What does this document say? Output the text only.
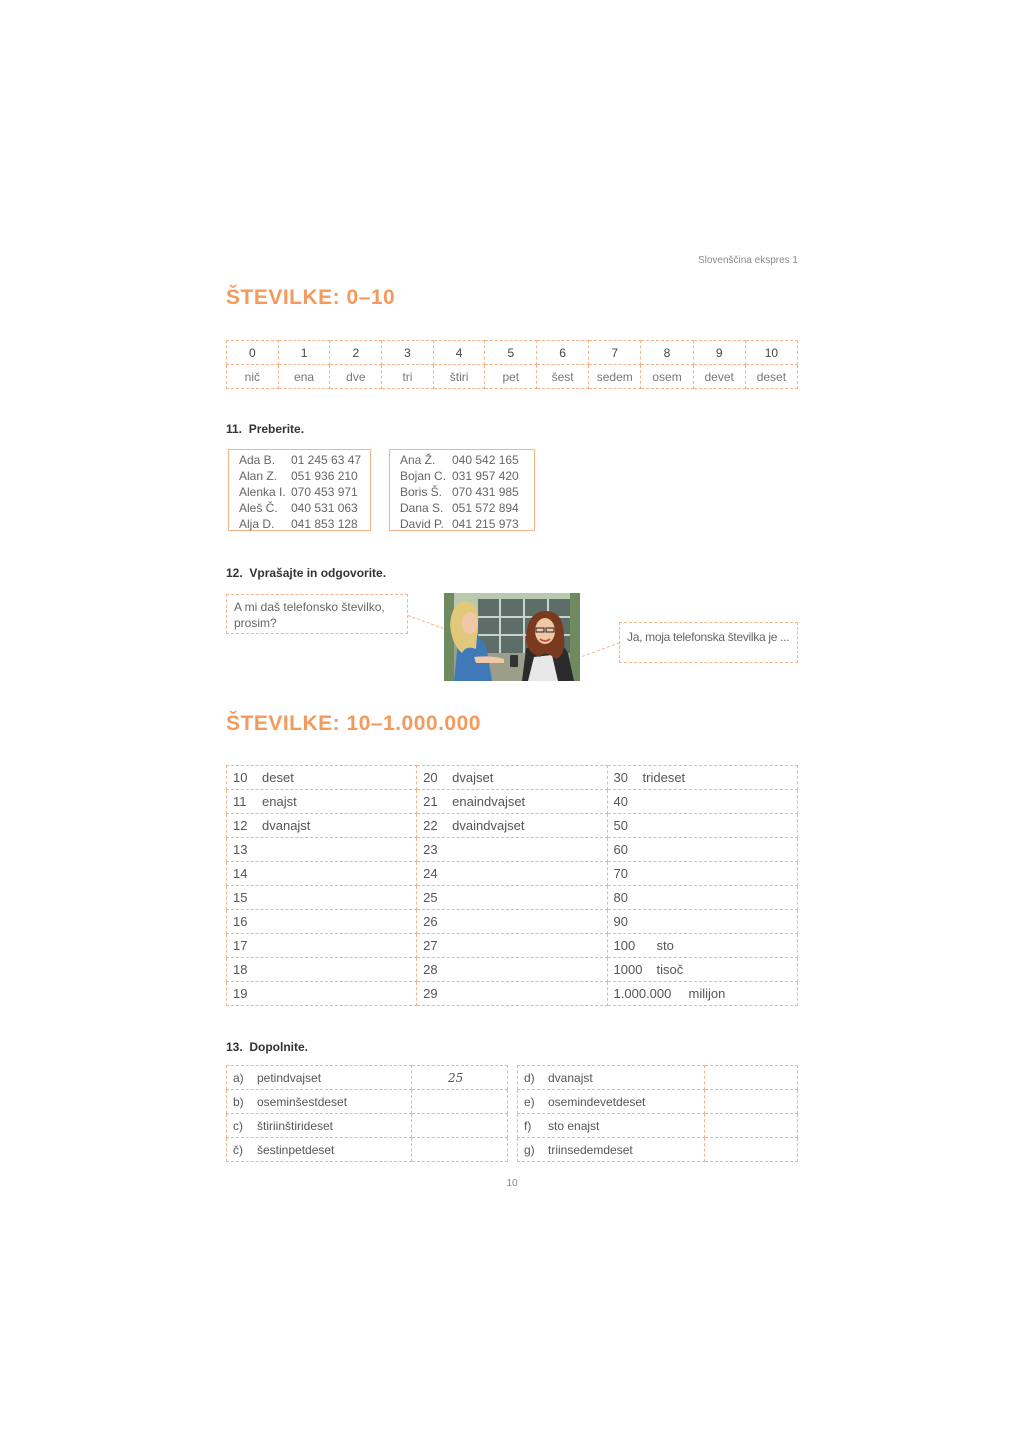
Slovenščina ekspres 1
ŠTEVILKE: 0–10
0	1	2	3	4	5	6	7	8	9	10
nič	ena	dve	tri	štiri	pet	šest	sedem	osem	devet	deset
11. Preberite.
Ada B. 01 245 63 47
Alan Z. 051 936 210
Alenka I. 070 453 971
Aleš Č. 040 531 063
Alja D. 041 853 128
Ana Ž. 040 542 165
Bojan C. 031 957 420
Boris Š. 070 431 985
Dana S. 051 572 894
David P. 041 215 973
12. Vprašajte in odgovorite.
A mi daš telefonsko številko, prosim?
Ja, moja telefonska številka je ...
ŠTEVILKE: 10–1.000.000
10 deset	20 dvajset	30 trideset
11 enajst	21 enaindvajset	40
12 dvanajst	22 dvaindvajset	50
13	23	60
14	24	70
15	25	80
16	26	90
17	27	100 sto
18	28	1000 tisoč
19	29	1.000.000 milijon
13. Dopolnite.
a) petindvajset	25
b) oseminšestdeset	
c) štiriinštirideset	
č) šestinpetdeset	
d) dvanajst	
e) osemindevetdeset	
f) sto enajst	
g) triinsedemdeset	
10
